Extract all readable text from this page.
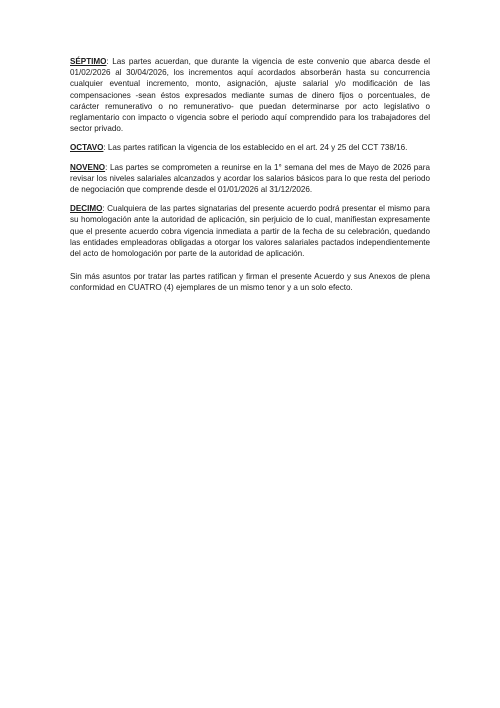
SÉPTIMO: Las partes acuerdan, que durante la vigencia de este convenio que abarca desde el 01/02/2026 al 30/04/2026, los incrementos aquí acordados absorberán hasta su concurrencia cualquier eventual incremento, monto, asignación, ajuste salarial y/o modificación de las compensaciones -sean éstos expresados mediante sumas de dinero fijos o porcentuales, de carácter remunerativo o no remunerativo- que puedan determinarse por acto legislativo o reglamentario con impacto o vigencia sobre el periodo aquí comprendido para los trabajadores del sector privado.

OCTAVO: Las partes ratifican la vigencia de los establecido en el art. 24 y 25 del CCT 738/16.

NOVENO: Las partes se comprometen a reunirse en la 1° semana del mes de Mayo de 2026 para revisar los niveles salariales alcanzados y acordar los salarios básicos para lo que resta del periodo de negociación que comprende desde el 01/01/2026 al 31/12/2026.

DECIMO: Cualquiera de las partes signatarias del presente acuerdo podrá presentar el mismo para su homologación ante la autoridad de aplicación, sin perjuicio de lo cual, manifiestan expresamente que el presente acuerdo cobra vigencia inmediata a partir de la fecha de su celebración, quedando las entidades empleadoras obligadas a otorgar los valores salariales pactados independientemente del acto de homologación por parte de la autoridad de aplicación.

Sin más asuntos por tratar las partes ratifican y firman el presente Acuerdo y sus Anexos de plena conformidad en CUATRO (4) ejemplares de un mismo tenor y a un solo efecto.
